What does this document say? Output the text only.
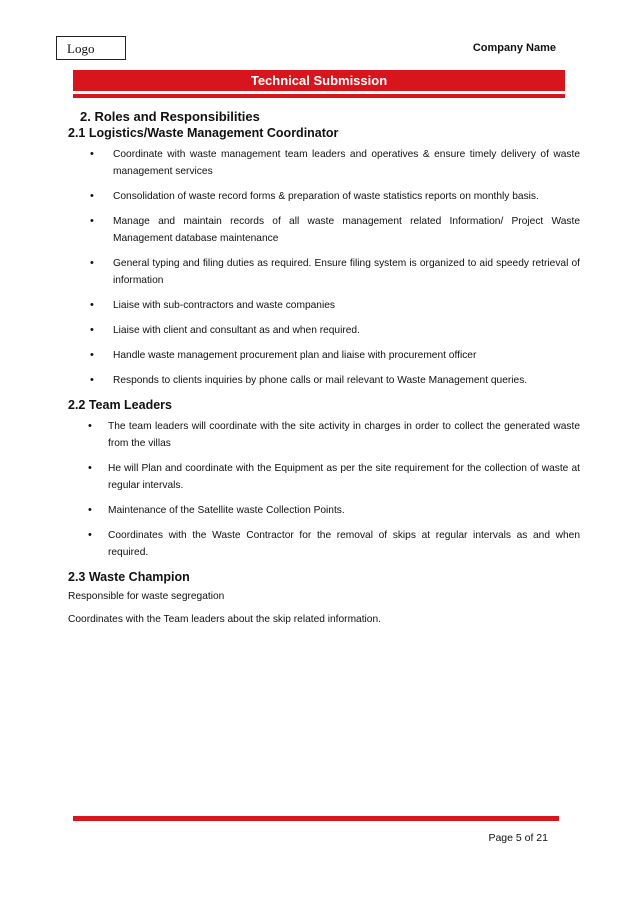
Logo	Company Name
Technical Submission
2. Roles and Responsibilities
2.1 Logistics/Waste Management Coordinator
• Coordinate with waste management team leaders and operatives & ensure timely delivery of waste management services
• Consolidation of waste record forms & preparation of waste statistics reports on monthly basis.
• Manage and maintain records of all waste management related Information/ Project Waste Management database maintenance
• General typing and filing duties as required. Ensure filing system is organized to aid speedy retrieval of information
• Liaise with sub-contractors and waste companies
• Liaise with client and consultant as and when required.
• Handle waste management procurement plan and liaise with procurement officer
• Responds to clients inquiries by phone calls or mail relevant to Waste Management queries.
2.2 Team Leaders
• The team leaders will coordinate with the site activity in charges in order to collect the generated waste from the villas
• He will Plan and coordinate with the Equipment as per the site requirement for the collection of waste at regular intervals.
• Maintenance of the Satellite waste Collection Points.
• Coordinates with the Waste Contractor for the removal of skips at regular intervals as and when required.
2.3 Waste Champion

Responsible for waste segregation

Coordinates with the Team leaders about the skip related information.

Page 5 of 21
